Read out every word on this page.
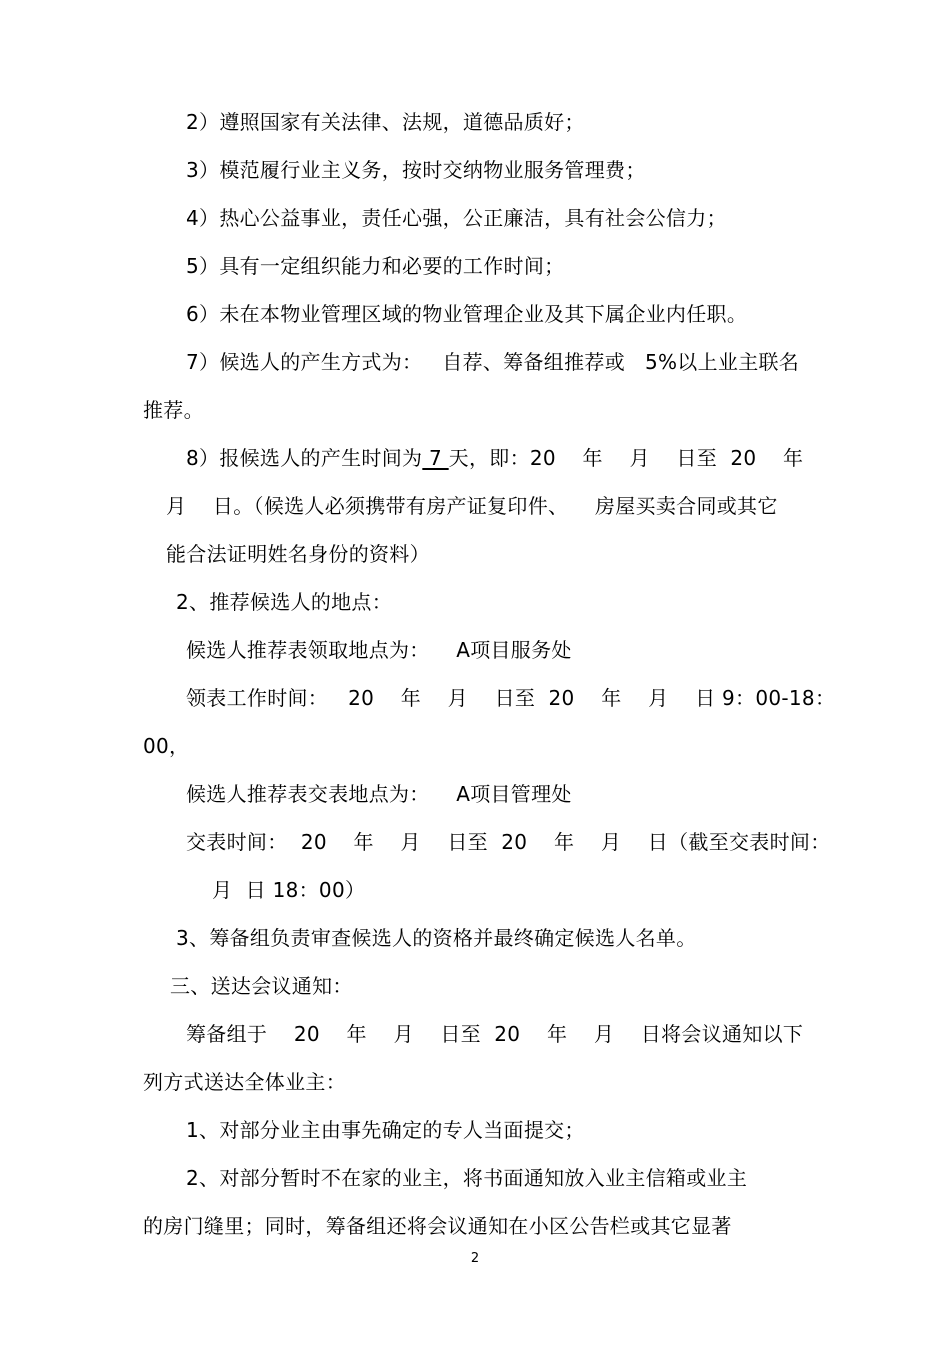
2）遵照国家有关法律、法规，道德品质好；
3）模范履行业主义务，按时交纳物业服务管理费；
4）热心公益事业，责任心强，公正廉洁，具有社会公信力；
5）具有一定组织能力和必要的工作时间；
6）未在本物业管理区域的物业管理企业及其下属企业内任职。
7）候选人的产生方式为：   自荐、筹备组推荐或   5%以上业主联名
推荐。
8）报候选人的产生时间为 7 天，即：20    年    月    日至  20    年
月    日。（候选人必须携带有房产证复印件、    房屋买卖合同或其它
能合法证明姓名身份的资料）
2、推荐候选人的地点：
候选人推荐表领取地点为：    A项目服务处
领表工作时间：   20    年    月    日至  20    年    月    日 9：00-18：
00，
候选人推荐表交表地点为：    A项目管理处
交表时间：  20    年    月    日至  20    年    月    日（截至交表时间：
月  日 18：00）
3、筹备组负责审查候选人的资格并最终确定候选人名单。
三、送达会议通知：
筹备组于    20    年    月    日至  20    年    月    日将会议通知以下
列方式送达全体业主：
1、对部分业主由事先确定的专人当面提交；
2、对部分暂时不在家的业主，将书面通知放入业主信箱或业主
的房门缝里；同时，筹备组还将会议通知在小区公告栏或其它显著
2
